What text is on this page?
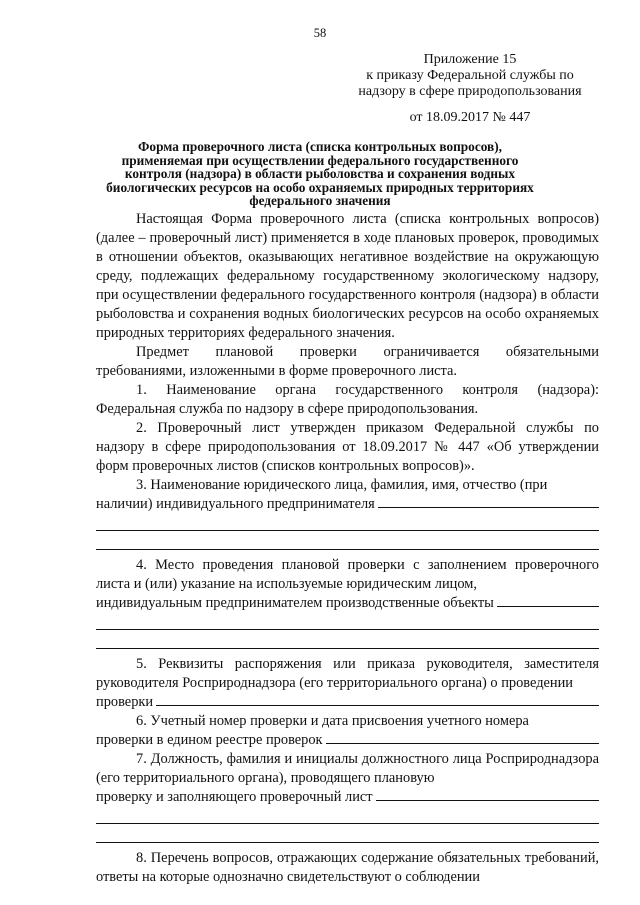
58
Приложение 15
к приказу Федеральной службы по
надзору в сфере природопользования
от 18.09.2017 № 447
Форма проверочного листа (списка контрольных вопросов),
применяемая при осуществлении федерального государственного
контроля (надзора) в области рыболовства и сохранения водных
биологических ресурсов на особо охраняемых природных территориях
федерального значения

Настоящая Форма проверочного листа (списка контрольных вопросов) (далее – проверочный лист) применяется в ходе плановых проверок, проводимых в отношении объектов, оказывающих негативное воздействие на окружающую среду, подлежащих федеральному государственному экологическому надзору, при осуществлении федерального государственного контроля (надзора) в области рыболовства и сохранения водных биологических ресурсов на особо охраняемых природных территориях федерального значения.

Предмет плановой проверки ограничивается обязательными требованиями, изложенными в форме проверочного листа.

1. Наименование органа государственного контроля (надзора): Федеральная служба по надзору в сфере природопользования.

2. Проверочный лист утвержден приказом Федеральной службы по надзору в сфере природопользования от 18.09.2017 № 447 «Об утверждении форм проверочных листов (списков контрольных вопросов)».

3. Наименование юридического лица, фамилия, имя, отчество (при

наличии) индивидуального предпринимателя

4. Место проведения плановой проверки с заполнением проверочного листа и (или) указание на используемые юридическим лицом,

индивидуальным предпринимателем производственные объекты

5. Реквизиты распоряжения или приказа руководителя, заместителя руководителя Росприроднадзора (его территориального органа) о проведении

проверки

6. Учетный номер проверки и дата присвоения учетного номера

проверки в едином реестре проверок

7. Должность, фамилия и инициалы должностного лица Росприроднадзора (его территориального органа), проводящего плановую

проверку и заполняющего проверочный лист

8. Перечень вопросов, отражающих содержание обязательных требований, ответы на которые однозначно свидетельствуют о соблюдении
